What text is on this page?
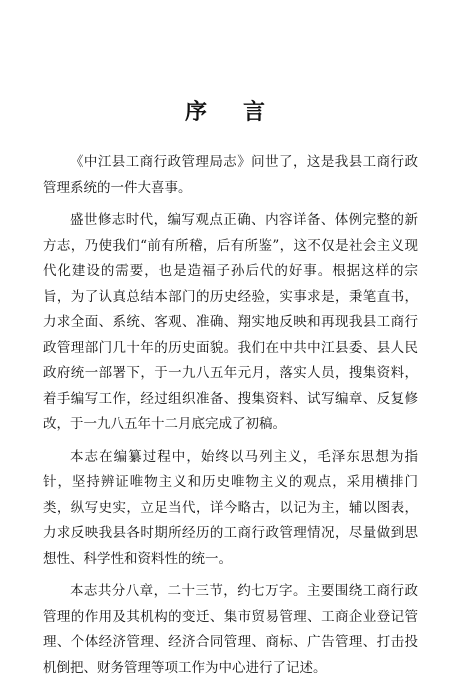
序言

《中江县工商行政管理局志》问世了，这是我县工商行政管理系统的一件大喜事。

盛世修志时代，编写观点正确、内容详备、体例完整的新方志，乃使我们“前有所稽，后有所鉴”，这不仅是社会主义现代化建设的需要，也是造福子孙后代的好事。根据这样的宗旨，为了认真总结本部门的历史经验，实事求是，秉笔直书，力求全面、系统、客观、准确、翔实地反映和再现我县工商行政管理部门几十年的历史面貌。我们在中共中江县委、县人民政府统一部署下，于一九八五年元月，落实人员，搜集资料，着手编写工作，经过组织准备、搜集资料、试写编章、反复修改，于一九八五年十二月底完成了初稿。

本志在编纂过程中，始终以马列主义，毛泽东思想为指针，坚持辨证唯物主义和历史唯物主义的观点，采用横排门类，纵写史实，立足当代，详今略古，以记为主，辅以图表，力求反映我县各时期所经历的工商行政管理情况，尽量做到思想性、科学性和资料性的统一。

本志共分八章，二十三节，约七万字。主要围绕工商行政管理的作用及其机构的变迁、集市贸易管理、工商企业登记管理、个体经济管理、经济合同管理、商标、广告管理、打击投机倒把、财务管理等项工作为中心进行了记述。
